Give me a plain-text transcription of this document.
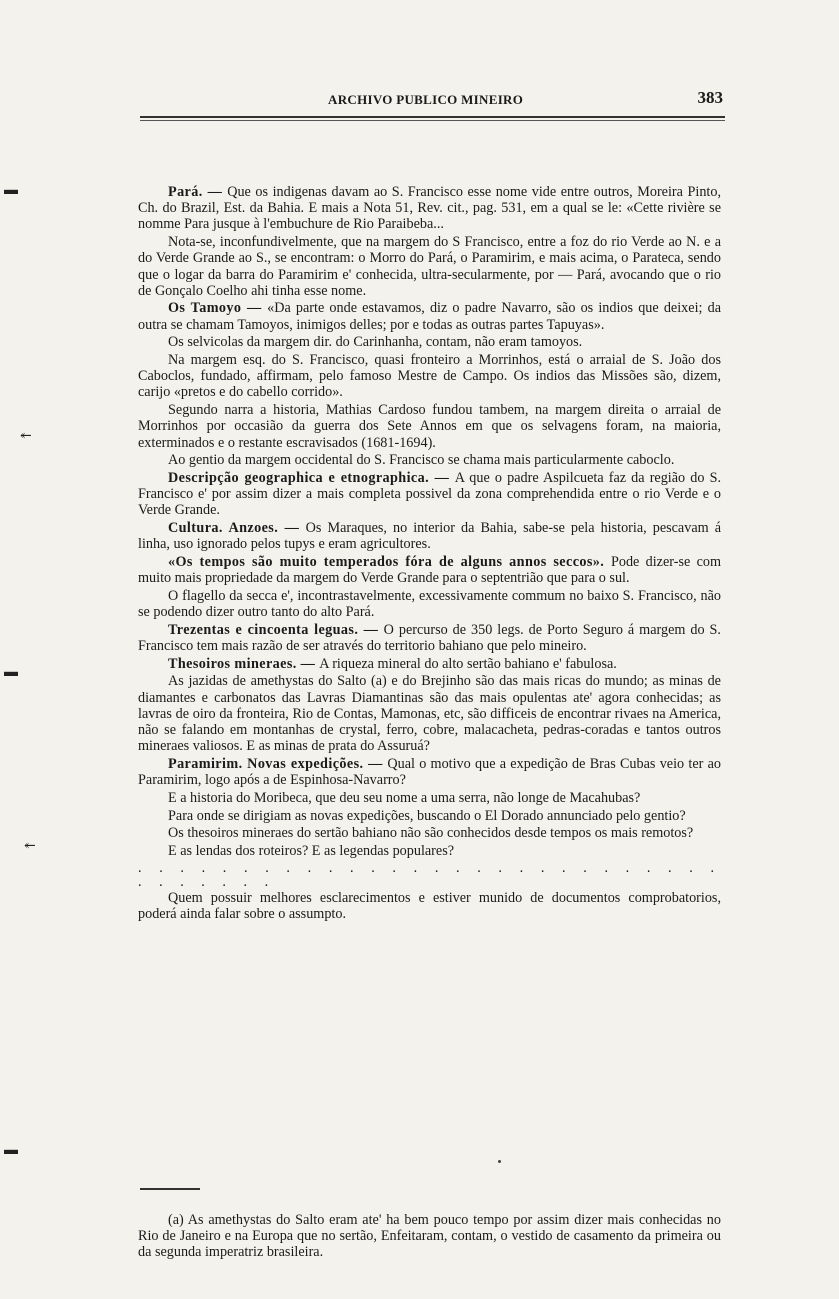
ARCHIVO PUBLICO MINEIRO	383
▬
↞
▬
↞
▬

Pará. — Que os indigenas davam ao S. Francisco esse nome vide entre outros, Moreira Pinto, Ch. do Brazil, Est. da Bahia. E mais a Nota 51, Rev. cit., pag. 531, em a qual se le: «Cette rivière se nomme Para jusque à l'embuchure de Rio Paraibeba...

Nota-se, inconfundivelmente, que na margem do S Francisco, entre a foz do rio Verde ao N. e a do Verde Grande ao S., se encontram: o Morro do Pará, o Paramirim, e mais acima, o Parateca, sendo que o logar da barra do Paramirim e' conhecida, ultra-secularmente, por — Pará, avocando que o rio de Gonçalo Coelho ahi tinha esse nome.

Os Tamoyo — «Da parte onde estavamos, diz o padre Navarro, são os indios que deixei; da outra se chamam Tamoyos, inimigos delles; por e todas as outras partes Tapuyas».

Os selvicolas da margem dir. do Carinhanha, contam, não eram tamoyos.

Na margem esq. do S. Francisco, quasi fronteiro a Morrinhos, está o arraial de S. João dos Caboclos, fundado, affirmam, pelo famoso Mestre de Campo. Os indios das Missões são, dizem, carijo «pretos e do cabello corrido».

Segundo narra a historia, Mathias Cardoso fundou tambem, na margem direita o arraial de Morrinhos por occasião da guerra dos Sete Annos em que os selvagens foram, na maioria, exterminados e o restante escravisados (1681-1694).

Ao gentio da margem occidental do S. Francisco se chama mais particularmente caboclo.

Descripção geographica e etnographica. — A que o padre Aspilcueta faz da região do S. Francisco e' por assim dizer a mais completa possivel da zona comprehendida entre o rio Verde e o Verde Grande.

Cultura. Anzoes. — Os Maraques, no interior da Bahia, sabe-se pela historia, pescavam á linha, uso ignorado pelos tupys e eram agricultores.

«Os tempos são muito temperados fóra de alguns annos seccos». Pode dizer-se com muito mais propriedade da margem do Verde Grande para o septentrião que para o sul.

O flagello da secca e', incontrastavelmente, excessivamente commum no baixo S. Francisco, não se podendo dizer outro tanto do alto Pará.

Trezentas e cincoenta leguas. — O percurso de 350 legs. de Porto Seguro á margem do S. Francisco tem mais razão de ser através do territorio bahiano que pelo mineiro.

Thesoiros mineraes. — A riqueza mineral do alto sertão bahiano e' fabulosa.

As jazidas de amethystas do Salto (a) e do Brejinho são das mais ricas do mundo; as minas de diamantes e carbonatos das Lavras Diamantinas são das mais opulentas ate' agora conhecidas; as lavras de oiro da fronteira, Rio de Contas, Mamonas, etc, são difficeis de encontrar rivaes na America, não se falando em montanhas de crystal, ferro, cobre, malacacheta, pedras-coradas e tantos outros mineraes valiosos. E as minas de prata do Assuruá?

Paramirim. Novas expedições. — Qual o motivo que a expedição de Bras Cubas veio ter ao Paramirim, logo após a de Espinhosa-Navarro?

E a historia do Moribeca, que deu seu nome a uma serra, não longe de Macahubas?

Para onde se dirigiam as novas expedições, buscando o El Dorado annunciado pelo gentio?

Os thesoiros mineraes do sertão bahiano não são conhecidos desde tempos os mais remotos?

E as lendas dos roteiros? E as legendas populares?

. . . . . . . . . . . . . . . . . . . . . . . . . . . . . . . . . . .

Quem possuir melhores esclarecimentos e estiver munido de documentos comprobatorios, poderá ainda falar sobre o assumpto.

(a) As amethystas do Salto eram ate' ha bem pouco tempo por assim dizer mais conhecidas no Rio de Janeiro e na Europa que no sertão, Enfeitaram, contam, o vestido de casamento da primeira ou da segunda imperatriz brasileira.
